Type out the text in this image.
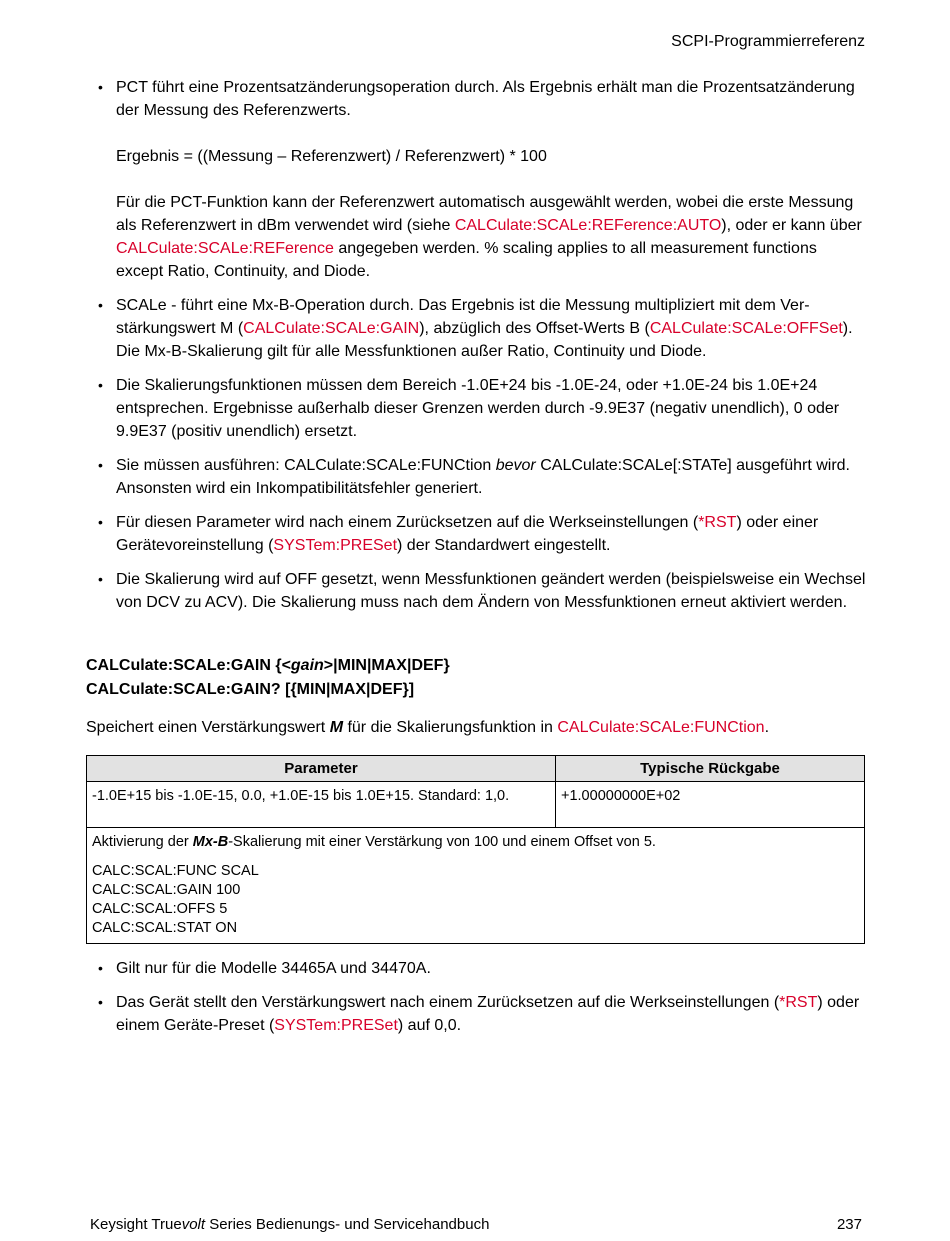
SCPI-Programmierreferenz

• PCT führt eine Prozentsatzänderungsoperation durch. Als Ergebnis erhält man die Prozentsatzänderung der Messung des Referenzwerts.

Ergebnis = ((Messung – Referenzwert) / Referenzwert) * 100

Für die PCT-Funktion kann der Referenzwert automatisch ausgewählt werden, wobei die erste Messung als Referenzwert in dBm verwendet wird (siehe CALCulate:SCALe:REFerence:AUTO), oder er kann über CALCulate:SCALe:REFerence angegeben werden. % scaling applies to all measurement functions except Ratio, Continuity, and Diode.

• SCALe - führt eine Mx-B-Operation durch. Das Ergebnis ist die Messung multipliziert mit dem Verstärkungswert M (CALCulate:SCALe:GAIN), abzüglich des Offset-Werts B (CALCulate:SCALe:OFFSet). Die Mx-B-Skalierung gilt für alle Messfunktionen außer Ratio, Continuity und Diode.

• Die Skalierungsfunktionen müssen dem Bereich -1.0E+24 bis -1.0E-24, oder +1.0E-24 bis 1.0E+24 entsprechen. Ergebnisse außerhalb dieser Grenzen werden durch -9.9E37 (negativ unendlich), 0 oder 9.9E37 (positiv unendlich) ersetzt.

• Sie müssen ausführen: CALCulate:SCALe:FUNCtion bevor CALCulate:SCALe[:STATe] ausgeführt wird. Ansonsten wird ein Inkompatibilitätsfehler generiert.

• Für diesen Parameter wird nach einem Zurücksetzen auf die Werkseinstellungen (*RST) oder einer Gerätevoreinstellung (SYSTem:PRESet) der Standardwert eingestellt.

• Die Skalierung wird auf OFF gesetzt, wenn Messfunktionen geändert werden (beispielsweise ein Wechsel von DCV zu ACV). Die Skalierung muss nach dem Ändern von Messfunktionen erneut aktiviert werden.

CALCulate:SCALe:GAIN {<gain>|MIN|MAX|DEF}
CALCulate:SCALe:GAIN? [{MIN|MAX|DEF}]
Speichert einen Verstärkungswert M für die Skalierungsfunktion in CALCulate:SCALe:FUNCtion.
Parameter	Typische Rückgabe
-1.0E+15 bis -1.0E-15, 0.0, +1.0E-15 bis 1.0E+15. Standard: 1,0.	+1.00000000E+02

Aktivierung der Mx-B-Skalierung mit einer Verstärkung von 100 und einem Offset von 5.
CALC:SCAL:FUNC SCAL
CALC:SCAL:GAIN 100
CALC:SCAL:OFFS 5
CALC:SCAL:STAT ON	

• Gilt nur für die Modelle 34465A und 34470A.

• Das Gerät stellt den Verstärkungswert nach einem Zurücksetzen auf die Werkseinstellungen (*RST) oder einem Geräte-Preset (SYSTem:PRESet) auf 0,0.

Keysight Truevolt Series Bedienungs- und Servicehandbuch	237
